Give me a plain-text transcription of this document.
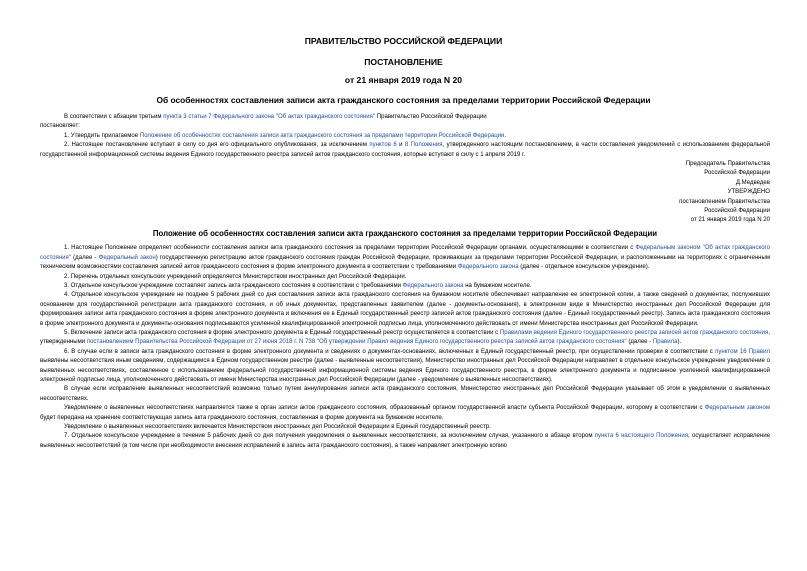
ПРАВИТЕЛЬСТВО РОССИЙСКОЙ ФЕДЕРАЦИИ
ПОСТАНОВЛЕНИЕ
от 21 января 2019 года N 20
Об особенностях составления записи акта гражданского состояния за пределами территории Российской Федерации

В соответствии с абзацем третьим пункта 3 статьи 7 Федерального закона "Об актах гражданского состояния" Правительство Российской Федерации

постановляет:

1. Утвердить прилагаемое Положение об особенностях составления записи акта гражданского состояния за пределами территории Российской Федерации.

2. Настоящее постановление вступает в силу со дня его официального опубликования, за исключением пунктов 6 и 8 Положения, утвержденного настоящим постановлением, в части составления уведомлений с использованием федеральной государственной информационной системы ведения Единого государственного реестра записей актов гражданского состояния, которые вступают в силу с 1 апреля 2019 г.

Председатель Правительства

Российской Федерации

Д.Медведев

УТВЕРЖДЕНО

постановлением Правительства

Российской Федерации

от 21 января 2019 года N 20

Положение об особенностях составления записи акта гражданского состояния за пределами территории Российской Федерации

1. Настоящее Положение определяет особенности составления записи акта гражданского состояния за пределами территории Российской Федерации органами, осуществляющими в соответствии с Федеральным законом "Об актах гражданского состояния" (далее - Федеральный закон) государственную регистрацию актов гражданского состояния граждан Российской Федерации, проживающих за пределами территории Российской Федерации, и расположенными на территориях с ограниченным техническим возможностями составления записей актов гражданского состояния в форме электронного документа в соответствии с требованиями Федерального закона (далее - отдельное консульское учреждение).

2. Перечень отдельных консульских учреждений определяется Министерством иностранных дел Российской Федерации.

3. Отдельное консульское учреждение составляет запись акта гражданского состояния в соответствии с требованиями Федерального закона на бумажном носителе.

4. Отдельное консульское учреждение не позднее 5 рабочих дней со дня составления записи акта гражданского состояния на бумажном носителе обеспечивает направление ее электронной копии, а также сведений о документах, послуживших основанием для государственной регистрации акта гражданского состояния, и об иных документах, представленных заявителем (далее - документы-основания), в электронном виде в Министерство иностранных дел Российской Федерации для формирования записи акта гражданского состояния в форме электронного документа и включения ее в Единый государственный реестр записей актов гражданского состояния (далее - Единый государственный реестр). Запись акта гражданского состояния в форме электронного документа и документы-основания подписываются усиленной квалифицированной электронной подписью лица, уполномоченного действовать от имени Министерства иностранных дел Российской Федерации.

5. Включение записи акта гражданского состояния в форме электронного документа в Единый государственный реестр осуществляется в соответствии с Правилами ведения Единого государственного реестра записей актов гражданского состояния, утвержденными постановлением Правительства Российской Федерации от 27 июня 2018 г. N 738 "Об утверждении Правил ведения Единого государственного реестра записей актов гражданского состояния" (далее - Правила).

6. В случае если в записи акта гражданского состояния в форме электронного документа и сведениях о документах-основаниях, включенных в Единый государственный реестр, при осуществлении проверки в соответствии с пунктом 16 Правил выявлены несоответствия иным сведениям, содержащимся в Едином государственном реестре (далее - выявленные несоответствия), Министерство иностранных дел Российской Федерации направляет в отдельное консульское учреждение уведомление о выявленных несоответствиях, составленное с использованием федеральной государственной информационной системы ведения Единого государственного реестра, в форме электронного документа и подписанное усиленной квалифицированной электронной подписью лица, уполномоченного действовать от имени Министерства иностранных дел Российской Федерации (далее - уведомление о выявленных несоответствиях).

В случае если исправление выявленных несоответствий возможно только путем аннулирования записи акта гражданского состояния, Министерство иностранных дел Российской Федерации указывает об этом в уведомлении о выявленных несоответствиях.

Уведомление о выявленных несоответствиях направляется также в орган записи актов гражданского состояния, образованный органом государственной власти субъекта Российской Федерации, которому в соответствии с Федеральным законом будет передана на хранение соответствующая запись акта гражданского состояния, составленная в форме документа на бумажном носителе.

Уведомление о выявленных несоответствиях включается Министерством иностранных дел Российской Федерации в Единый государственный реестр.

7. Отдельное консульское учреждение в течение 5 рабочих дней со дня получения уведомления о выявленных несоответствиях, за исключением случая, указанного в абзаце втором пункта 6 настоящего Положения, осуществляет исправление выявленных несоответствий (в том числе при необходимости внесения исправлений в запись акта гражданского состояния), а также направляет электронную копию
